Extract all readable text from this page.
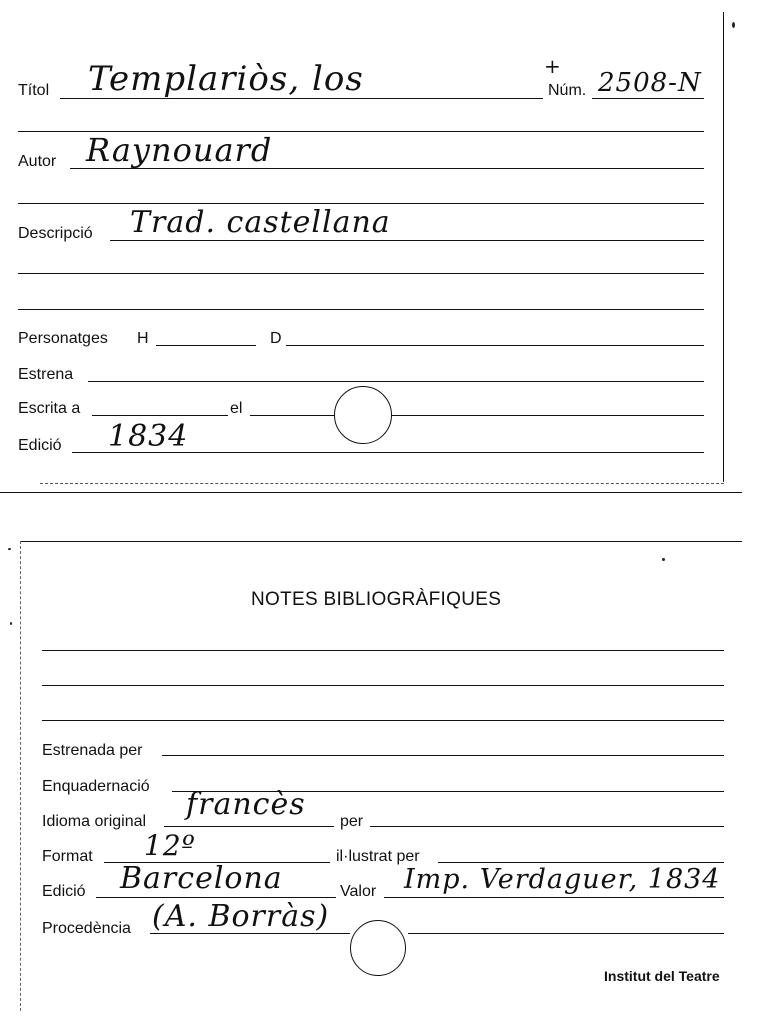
Títol Templariòs, los	+
Núm. 2508-N
Autor Raynouard
Descripció Trad. castellana
Personatges H	D
Estrena
Escrita a	el
Edició 1834
NOTES BIBLIOGRÀFIQUES
Estrenada per
Enquadernació
Idioma original francès per
Format 12º	il·lustrat per
Edició Barcelona	Valor Imp. Verdaguer, 1834
Procedència (A. Borràs)
Institut del Teatre
